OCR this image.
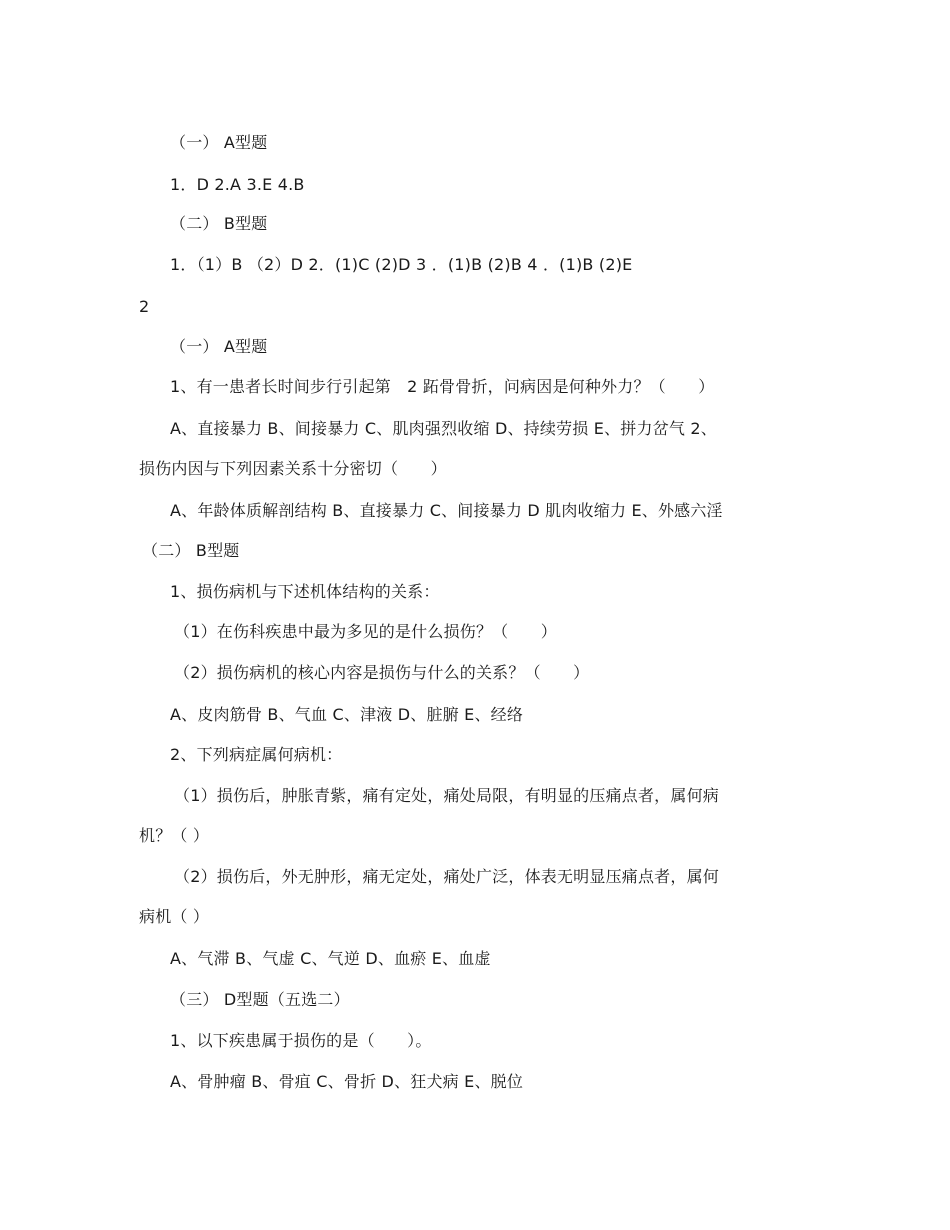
（一） A型题
1．D 2.A 3.E 4.B
（二） B型题
1．（1）B （2）D 2．(1)C (2)D 3 ．(1)B (2)B 4 ．(1)B (2)E
2
（一） A型题
1、有一患者长时间步行引起第　2 跖骨骨折，问病因是何种外力？（　　）
A、直接暴力 B、间接暴力 C、肌肉强烈收缩 D、持续劳损 E、拼力岔气 2、
损伤内因与下列因素关系十分密切（　　）
A、年龄体质解剖结构 B、直接暴力 C、间接暴力 D 肌肉收缩力 E、外感六淫
（二） B型题
1、损伤病机与下述机体结构的关系：
（1）在伤科疾患中最为多见的是什么损伤？（　　）
（2）损伤病机的核心内容是损伤与什么的关系？（　　）
A、皮肉筋骨 B、气血 C、津液 D、脏腑 E、经络
2、下列病症属何病机：
（1）损伤后，肿胀青紫，痛有定处，痛处局限，有明显的压痛点者，属何病
机？（ ）
（2）损伤后，外无肿形，痛无定处，痛处广泛，体表无明显压痛点者，属何
病机（ ）
A、气滞 B、气虚 C、气逆 D、血瘀 E、血虚
（三） D型题（五选二）
1、以下疾患属于损伤的是（　　）。
A、骨肿瘤 B、骨疽 C、骨折 D、狂犬病 E、脱位
